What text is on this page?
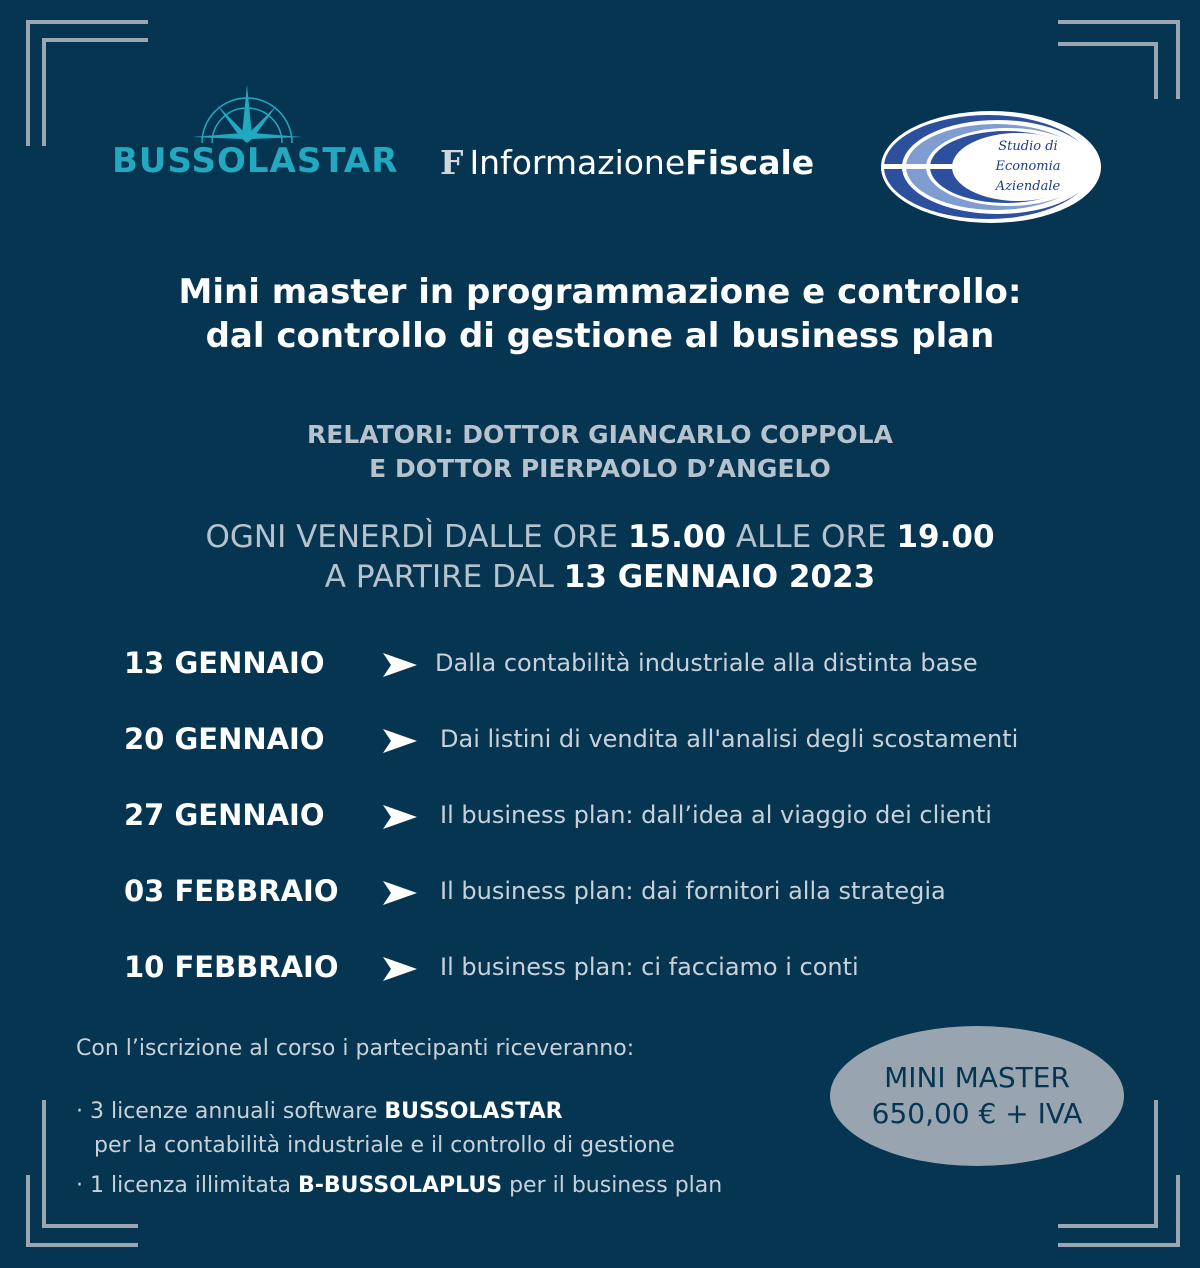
BUSSOLASTAR F InformazioneFiscale	Studio di
Economia
Aziendale
Mini master in programmazione e controllo:
dal controllo di gestione al business plan
RELATORI: DOTTOR GIANCARLO COPPOLA
E DOTTOR PIERPAOLO D’ANGELO
OGNI VENERDÌ DALLE ORE 15.00 ALLE ORE 19.00
A PARTIRE DAL 13 GENNAIO 2023
13 GENNAIO	Dalla contabilità industriale alla distinta base
20 GENNAIO	Dai listini di vendita all'analisi degli scostamenti
27 GENNAIO	Il business plan: dall’idea al viaggio dei clienti
03 FEBBRAIO	Il business plan: dai fornitori alla strategia
10 FEBBRAIO	Il business plan: ci facciamo i conti
Con l’iscrizione al corso i partecipanti riceveranno:
· 3 licenze annuali software BUSSOLASTAR
per la contabilità industriale e il controllo di gestione
· 1 licenza illimitata B-BUSSOLAPLUS per il business plan
MINI MASTER
650,00 € + IVA
